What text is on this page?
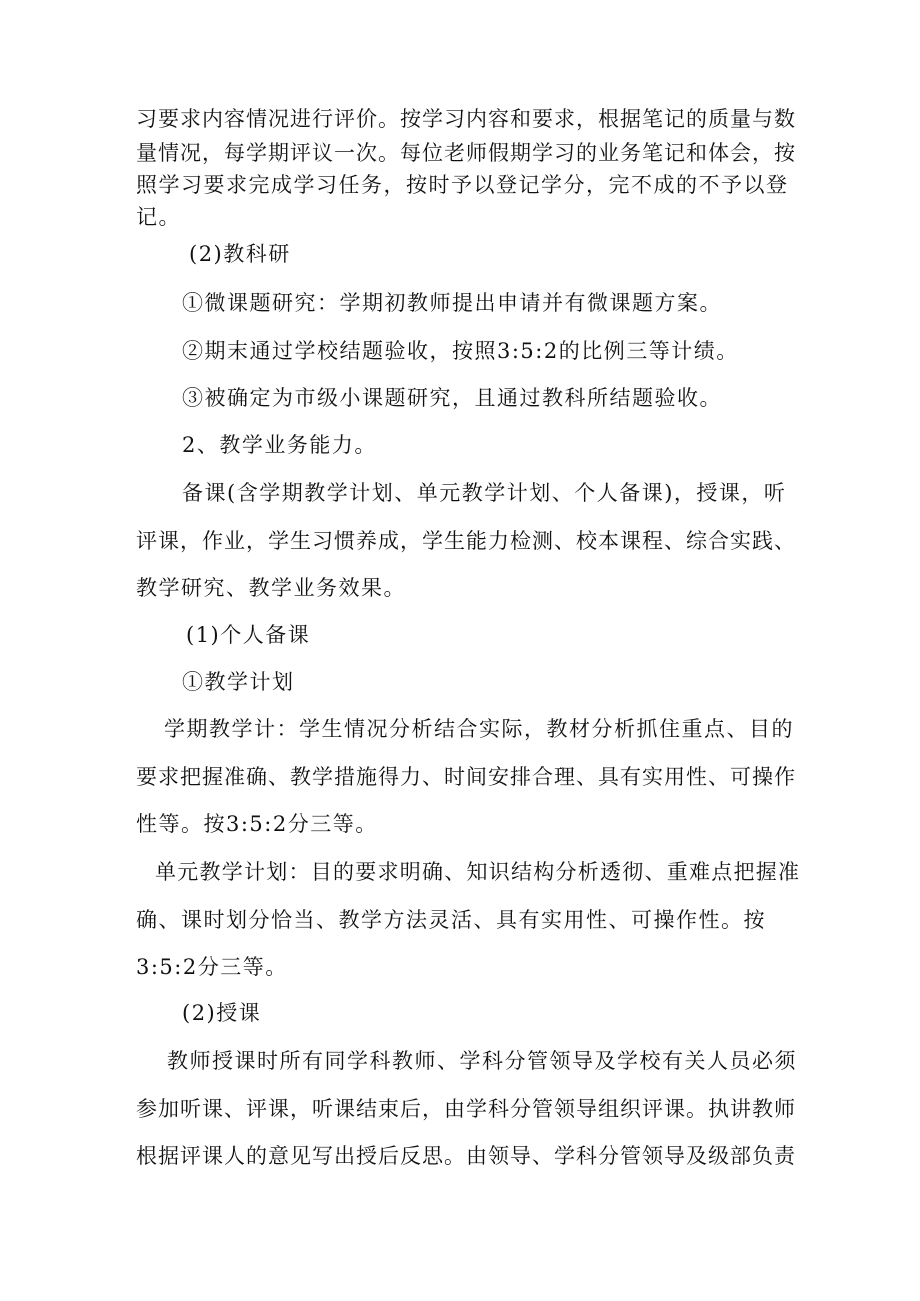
习要求内容情况进行评价。按学习内容和要求，根据笔记的质量与数
量情况，每学期评议一次。每位老师假期学习的业务笔记和体会，按
照学习要求完成学习任务，按时予以登记学分，完不成的不予以登
记。
(2)教科研
①微课题研究：学期初教师提出申请并有微课题方案。
②期末通过学校结题验收，按照3:5:2的比例三等计绩。
③被确定为市级小课题研究，且通过教科所结题验收。
2、教学业务能力。
备课(含学期教学计划、单元教学计划、个人备课)，授课，听
评课，作业，学生习惯养成，学生能力检测、校本课程、综合实践、
教学研究、教学业务效果。
(1)个人备课
①教学计划
学期教学计：学生情况分析结合实际，教材分析抓住重点、目的
要求把握准确、教学措施得力、时间安排合理、具有实用性、可操作
性等。按3:5:2分三等。
单元教学计划：目的要求明确、知识结构分析透彻、重难点把握准
确、课时划分恰当、教学方法灵活、具有实用性、可操作性。按
3:5:2分三等。
(2)授课
教师授课时所有同学科教师、学科分管领导及学校有关人员必须
参加听课、评课，听课结束后，由学科分管领导组织评课。执讲教师
根据评课人的意见写出授后反思。由领导、学科分管领导及级部负责
